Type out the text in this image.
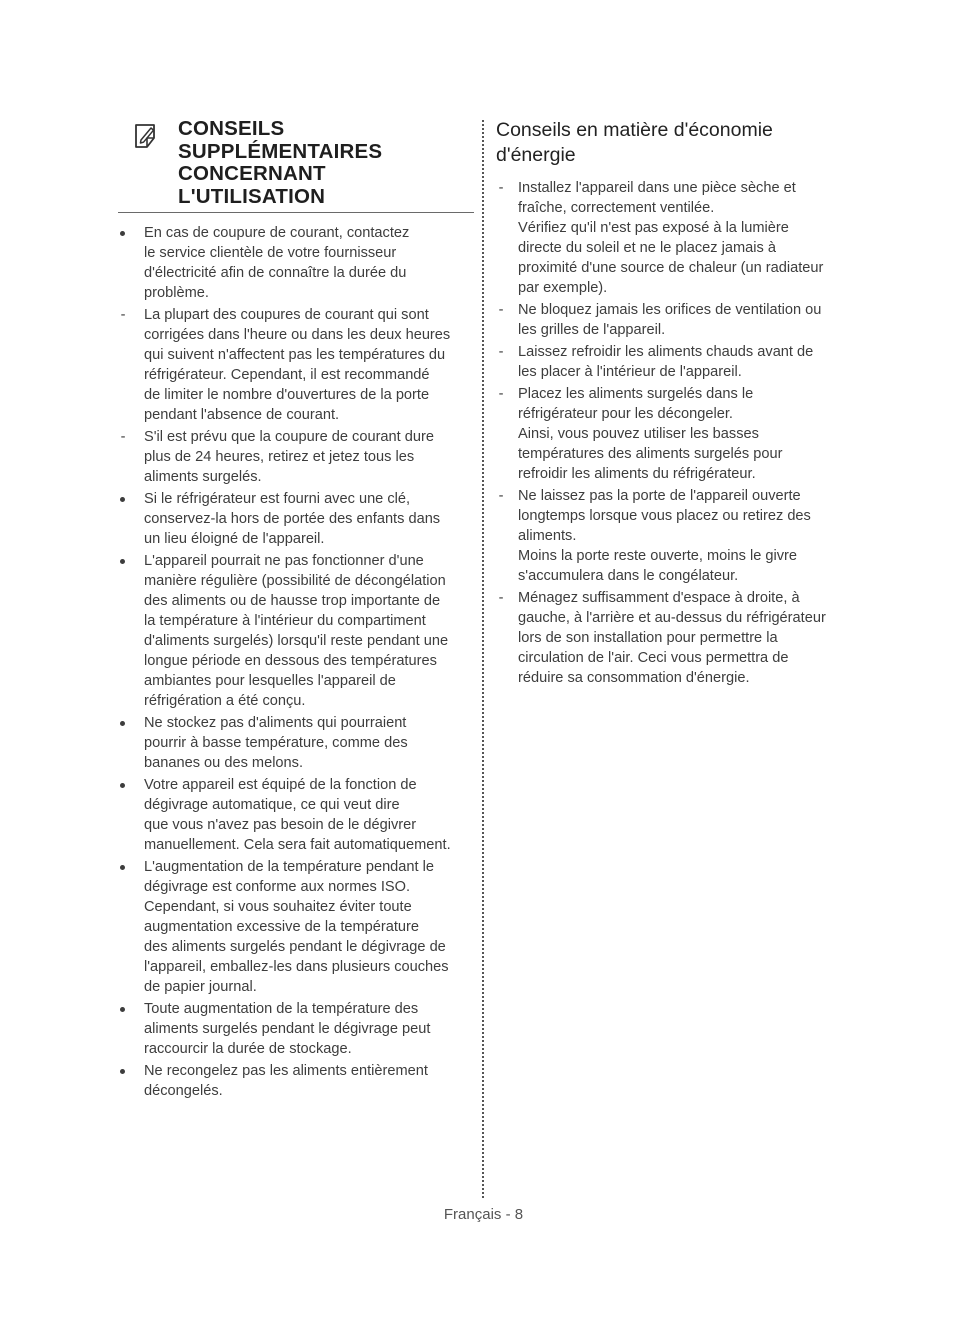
CONSEILS
SUPPLÉMENTAIRES
CONCERNANT
L'UTILISATION
En cas de coupure de courant, contactez
le service clientèle de votre fournisseur
d'électricité afin de connaître la durée du
problème.
-
La plupart des coupures de courant qui sont
corrigées dans l'heure ou dans les deux heures
qui suivent n'affectent pas les températures du
réfrigérateur. Cependant, il est recommandé
de limiter le nombre d'ouvertures de la porte
pendant l'absence de courant.
-
S'il est prévu que la coupure de courant dure
plus de 24 heures, retirez et jetez tous les
aliments surgelés.
Si le réfrigérateur est fourni avec une clé,
conservez-la hors de portée des enfants dans
un lieu éloigné de l'appareil.
L'appareil pourrait ne pas fonctionner d'une
manière régulière (possibilité de décongélation
des aliments ou de hausse trop importante de
la température à l'intérieur du compartiment
d'aliments surgelés) lorsqu'il reste pendant une
longue période en dessous des températures
ambiantes pour lesquelles l'appareil de
réfrigération a été conçu.
Ne stockez pas d'aliments qui pourraient
pourrir à basse température, comme des
bananes ou des melons.
Votre appareil est équipé de la fonction de
dégivrage automatique, ce qui veut dire
que vous n'avez pas besoin de le dégivrer
manuellement. Cela sera fait automatiquement.
L'augmentation de la température pendant le
dégivrage est conforme aux normes ISO.
Cependant, si vous souhaitez éviter toute
augmentation excessive de la température
des aliments surgelés pendant le dégivrage de
l'appareil, emballez-les dans plusieurs couches
de papier journal.
Toute augmentation de la température des
aliments surgelés pendant le dégivrage peut
raccourcir la durée de stockage.
Ne recongelez pas les aliments entièrement
décongelés.
Conseils en matière d'économie
d'énergie
-
Installez l'appareil dans une pièce sèche et
fraîche, correctement ventilée.
Vérifiez qu'il n'est pas exposé à la lumière
directe du soleil et ne le placez jamais à
proximité d'une source de chaleur (un radiateur
par exemple).
-
Ne bloquez jamais les orifices de ventilation ou
les grilles de l'appareil.
-
Laissez refroidir les aliments chauds avant de
les placer à l'intérieur de l'appareil.
-
Placez les aliments surgelés dans le
réfrigérateur pour les décongeler.
Ainsi, vous pouvez utiliser les basses
températures des aliments surgelés pour
refroidir les aliments du réfrigérateur.
-
Ne laissez pas la porte de l'appareil ouverte
longtemps lorsque vous placez ou retirez des
aliments.
Moins la porte reste ouverte, moins le givre
s'accumulera dans le congélateur.
-
Ménagez suffisamment d'espace à droite, à
gauche, à l'arrière et au-dessus du réfrigérateur
lors de son installation pour permettre la
circulation de l'air. Ceci vous permettra de
réduire sa consommation d'énergie.
Français - 8
